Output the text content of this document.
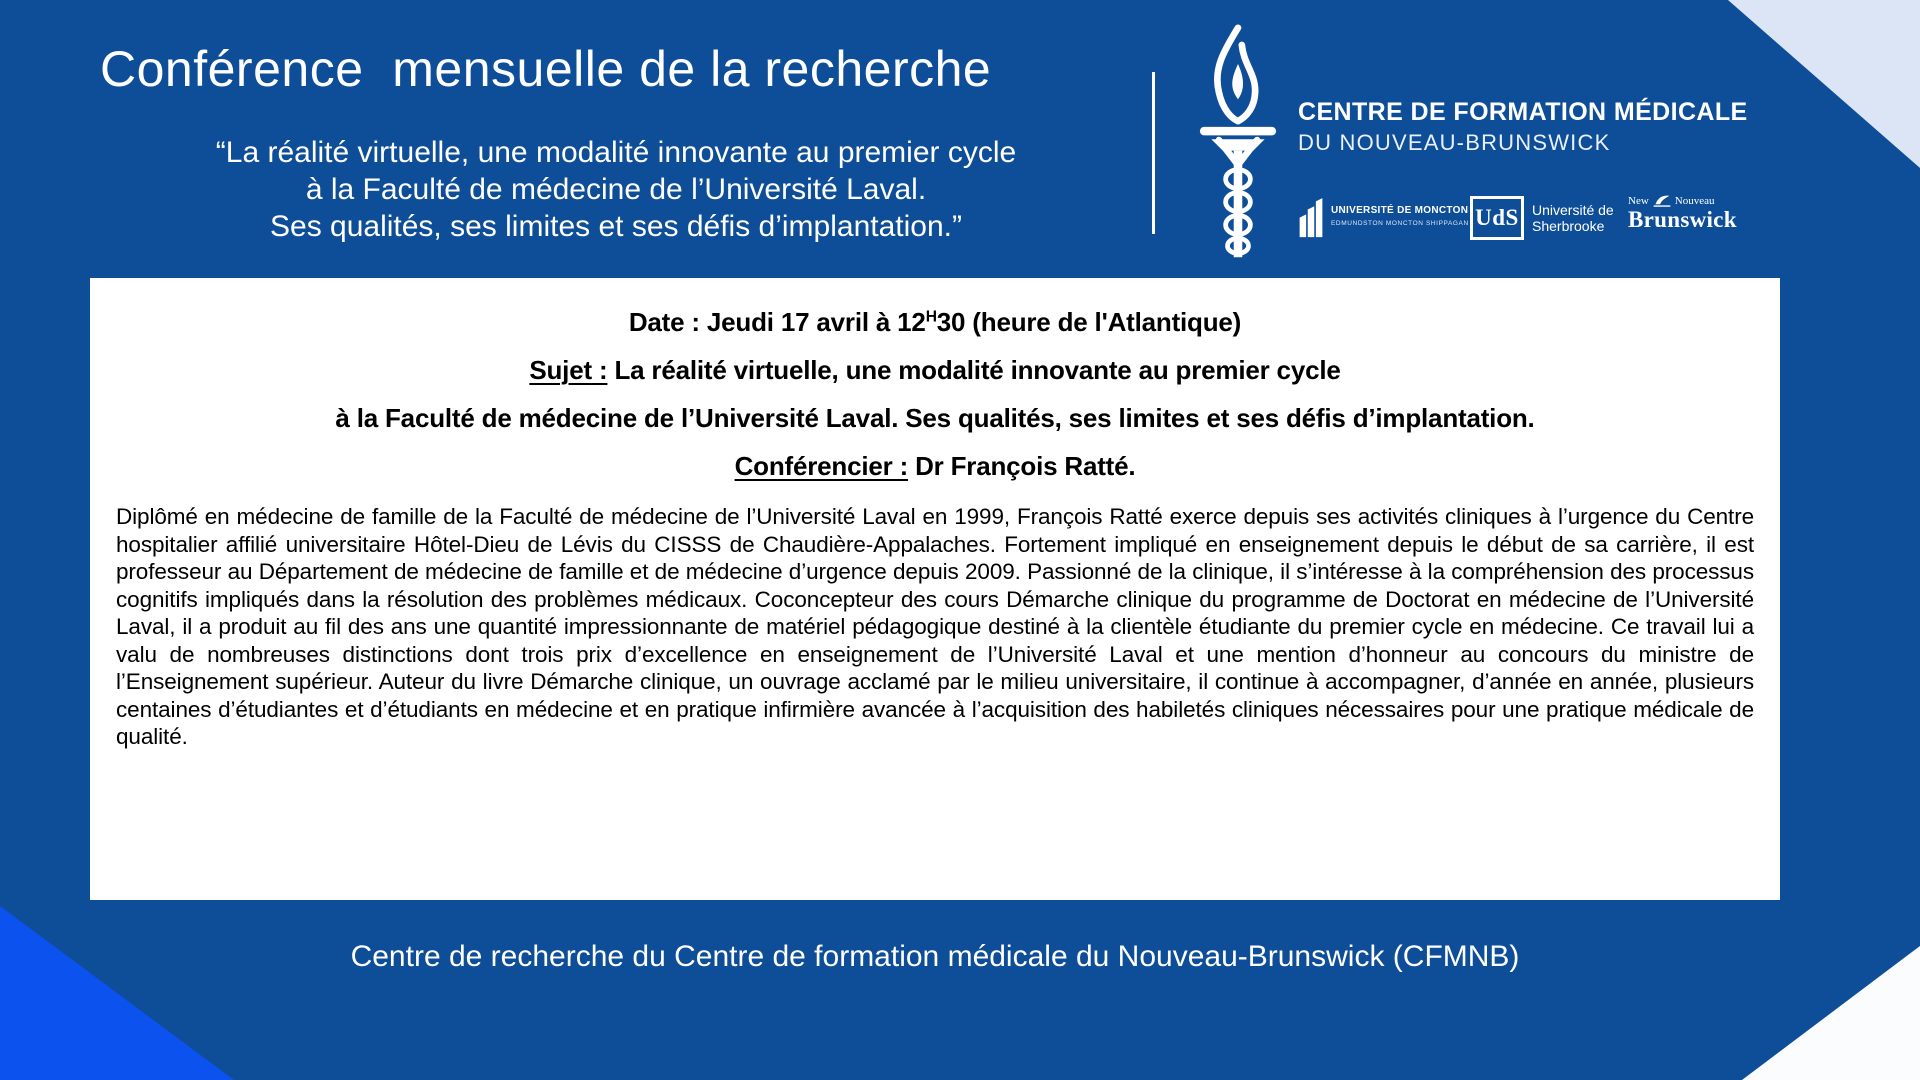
Conférence  mensuelle de la recherche
“La réalité virtuelle, une modalité innovante au premier cycle
à la Faculté de médecine de l’Université Laval.
Ses qualités, ses limites et ses défis d’implantation.”
CENTRE DE FORMATION MÉDICALE
DU NOUVEAU-BRUNSWICK
UNIVERSITÉ DE MONCTON
EDMUNDSTON MONCTON SHIPPAGAN UdS Université de
Sherbrooke
New Nouveau
Brunswick
Date : Jeudi 17 avril à $12^H30$ (heure de l'Atlantique)
Sujet : La réalité virtuelle, une modalité innovante au premier cycle
à la Faculté de médecine de l’Université Laval. Ses qualités, ses limites et ses défis d’implantation.
Conférencier : Dr François Ratté.

Diplômé en médecine de famille de la Faculté de médecine de l’Université Laval en 1999, François Ratté exerce depuis ses activités cliniques à l’urgence du Centre hospitalier affilié universitaire Hôtel-Dieu de Lévis du CISSS de Chaudière-Appalaches. Fortement impliqué en enseignement depuis le début de sa carrière, il est professeur au Département de médecine de famille et de médecine d’urgence depuis 2009. Passionné de la clinique, il s’intéresse à la compréhension des processus cognitifs impliqués dans la résolution des problèmes médicaux. Coconcepteur des cours Démarche clinique du programme de Doctorat en médecine de l’Université Laval, il a produit au fil des ans une quantité impressionnante de matériel pédagogique destiné à la clientèle étudiante du premier cycle en médecine. Ce travail lui a valu de nombreuses distinctions dont trois prix d’excellence en enseignement de l’Université Laval et une mention d’honneur au concours du ministre de l’Enseignement supérieur. Auteur du livre Démarche clinique, un ouvrage acclamé par le milieu universitaire, il continue à accompagner, d’année en année, plusieurs centaines d’étudiantes et d’étudiants en médecine et en pratique infirmière avancée à l’acquisition des habiletés cliniques nécessaires pour une pratique médicale de qualité.

Centre de recherche du Centre de formation médicale du Nouveau-Brunswick (CFMNB)
